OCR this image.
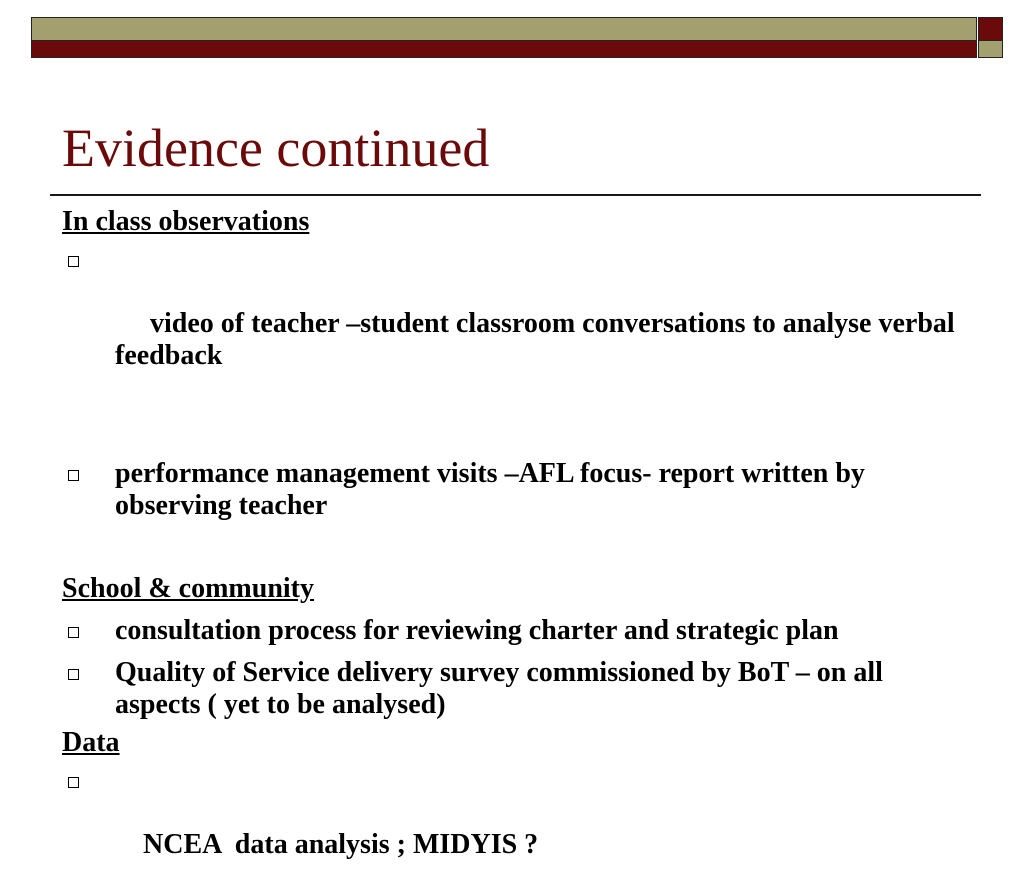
Evidence continued
In class observations

video of teacher –student classroom conversations to analyse verbal feedback

performance management visits –AFL focus- report written by observing teacher
School & community
consultation process for reviewing charter and strategic plan
Quality of Service delivery survey commissioned by BoT – on all aspects ( yet to be analysed)
Data

NCEA  data analysis ; MIDYIS ?
